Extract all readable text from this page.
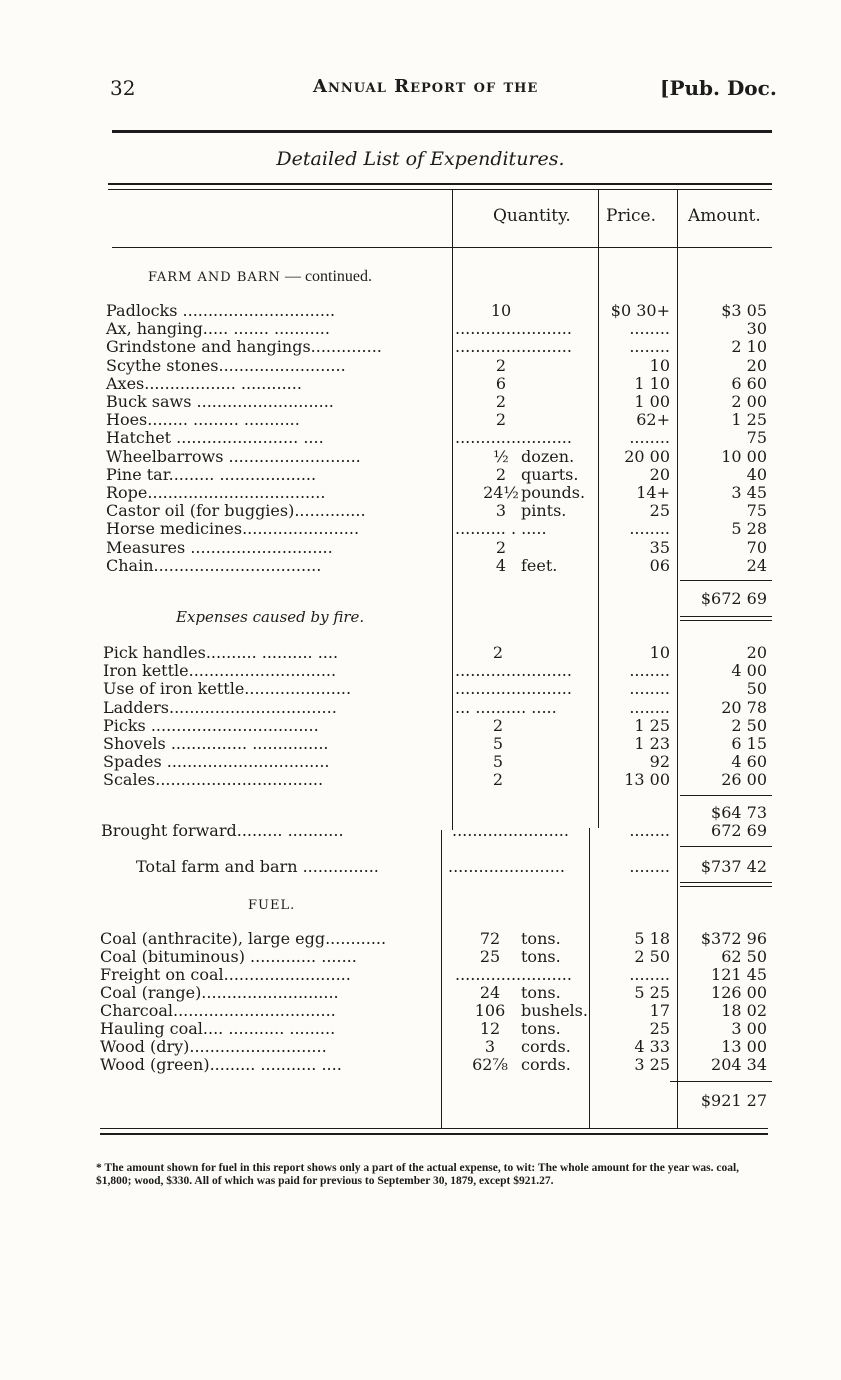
32	Annual Report of the	[Pub. Doc.
Detailed List of Expenditures.
Quantity. Price. Amount.
FARM AND BARN — continued.
Padlocks ..............................	10	$0 30+	$3 05
Ax, hanging..... ....... ...........	.......................	........	30
Grindstone and hangings..............	.......................	........	2 10
Scythe stones.........................	2	10	20
Axes.................. ............	6	1 10	6 60
Buck saws ...........................	2	1 00	2 00
Hoes........ ......... ...........	2	62+	1 25
Hatchet ........................ ....	.......................	........	75
Wheelbarrows ..........................	½ dozen.	20 00	10 00
Pine tar......... ...................	2 quarts.	20	40
Rope...................................	24½ pounds.	14+	3 45
Castor oil (for buggies)..............	3 pints.	25	75
Horse medicines.......................	.......... . .....	........	5 28
Measures ............................	2	35	70
Chain.................................	4 feet.	06	24
$672 69
Expenses caused by fire.
Pick handles.......... .......... ....	2	10	20
Iron kettle.............................	.......................	........	4 00
Use of iron kettle.....................	.......................	........	50
Ladders.................................	... .......... .....	........	20 78
Picks .................................	2	1 25	2 50
Shovels ............... ...............	5	1 23	6 15
Spades ................................	5	92	4 60
Scales.................................	2	13 00	26 00
$64 73
Brought forward......... ...........	.......................	........	672 69
Total farm and barn ...............	.......................	........ $737 42
FUEL.
Coal (anthracite), large egg............	72	tons.	5 18 $372 96
Coal (bituminous) ............. .......	25	tons.	2 50	62 50
Freight on coal.........................	.......................	........	121 45
Coal (range)...........................	24	tons.	5 25	126 00
Charcoal................................	106 bushels.	17	18 02
Hauling coal.... ........... .........	12	tons.	25	3 00
Wood (dry)...........................	3	cords.	4 33	13 00
Wood (green)......... ........... ....	62⅞ cords.	3 25	204 34
$921 27
* The amount shown for fuel in this report shows only a part of the actual expense, to wit: The whole amount for the year was. coal, $1,800; wood, $330. All of which was paid for previous to September 30, 1879, except $921.27.
